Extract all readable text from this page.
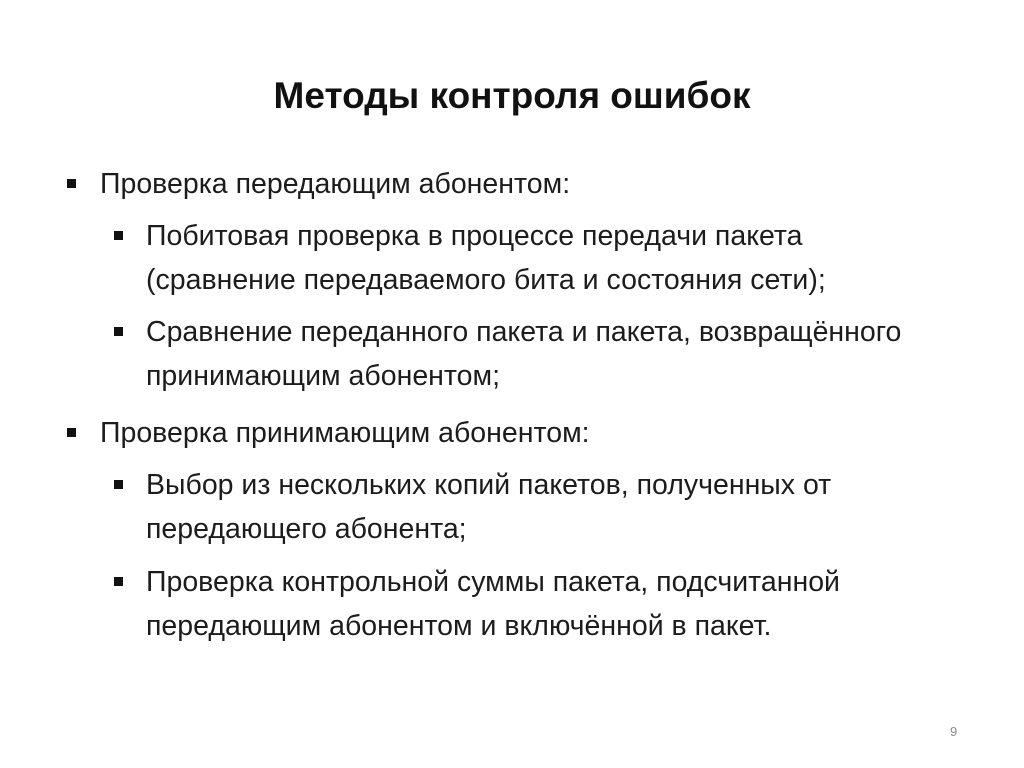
Методы контроля ошибок
Проверка передающим абонентом:
Побитовая проверка в процессе передачи пакета
(сравнение передаваемого бита и состояния сети);
Сравнение переданного пакета и пакета, возвращённого
принимающим абонентом;
Проверка принимающим абонентом:
Выбор из нескольких копий пакетов, полученных от
передающего абонента;
Проверка контрольной суммы пакета, подсчитанной
передающим абонентом и включённой в пакет.
9
